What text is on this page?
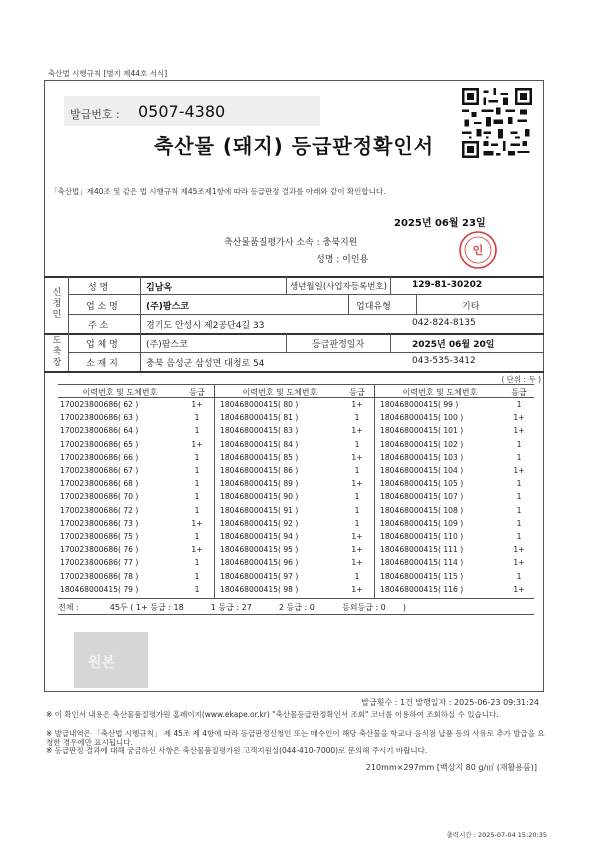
축산법 시행규칙 [별지 제44호 서식]
발급번호 : 0507-4380
축산물 (돼지) 등급판정확인서
「축산법」제40조 및 같은 법 시행규칙 제45조제1항에 따라 등급판정 결과를 아래와 같이 확인합니다.
2025년 06월 23일
축산물품질평가사 소속 : 충북지원
성명 : 이인용
인
신청인
도축장
성 명	김남옥	생년월일(사업자등록번호)	129-81-30202
업 소 명	(주)팜스코	업대유형	기타
주 소	경기도 안성시 제2공단4길 33	042-824-8135
업 체 명	(주)팜스코	등급판정일자	2025년 06월 20일
소 재 지	충북 음성군 삼성면 대청로 54	043-535-3412
( 단위 : 두 )
이력번호 및 도체번호	등급	이력번호 및 도체번호	등급	이력번호 및 도체번호	등급
170023800686( 62 )	1+	180468000415( 80 )	1+	180468000415( 99 )	1
170023800686( 63 )	1	180468000415( 81 )	1	180468000415( 100 )	1+
170023800686( 64 )	1	180468000415( 83 )	1+	180468000415( 101 )	1+
170023800686( 65 )	1+	180468000415( 84 )	1	180468000415( 102 )	1
170023800686( 66 )	1	180468000415( 85 )	1+	180468000415( 103 )	1
170023800686( 67 )	1	180468000415( 86 )	1	180468000415( 104 )	1+
170023800686( 68 )	1	180468000415( 89 )	1+	180468000415( 105 )	1
170023800686( 70 )	1	180468000415( 90 )	1	180468000415( 107 )	1
170023800686( 72 )	1	180468000415( 91 )	1	180468000415( 108 )	1
170023800686( 73 )	1+	180468000415( 92 )	1	180468000415( 109 )	1
170023800686( 75 )	1	180468000415( 94 )	1+	180468000415( 110 )	1
170023800686( 76 )	1+	180468000415( 95 )	1+	180468000415( 111 )	1+
170023800686( 77 )	1	180468000415( 96 )	1+	180468000415( 114 )	1+
170023800686( 78 )	1	180468000415( 97 )	1	180468000415( 115 )	1
180468000415( 79 )	1	180468000415( 98 )	1+	180468000415( 116 )	1+
전체 :	45두 ( 1+ 등급 : 18	1 등급 : 27	2 등급 : 0	등외등급 : 0 )
원본
발급횟수 : 1건 발행일자 : 2025-06-23 09:31:24
※ 이 확인서 내용은 축산물품질평가원 홈페이지(www.ekape.or.kr) "축산물등급판정확인서 조회" 코너를 이용하여 조회하실 수 있습니다.
※ 발급내역은 「축산법 시행규칙」 제 45조 제 4항에 따라 등급판정신청인 또는 매수인이 해당 축산물을 학교나 음식점 납품 등의 사유로 추가 발급을 요청한 경우에만 표시됩니다.
※ 등급판정 결과에 대해 궁금하신 사항은 축산물품질평가원 고객지원실(044-410-7000)로 문의해 주시기 바랍니다.
210mm×297mm [백상지 80 g/㎡ (재활용품)]
출력시간 : 2025-07-04 15:20:35
